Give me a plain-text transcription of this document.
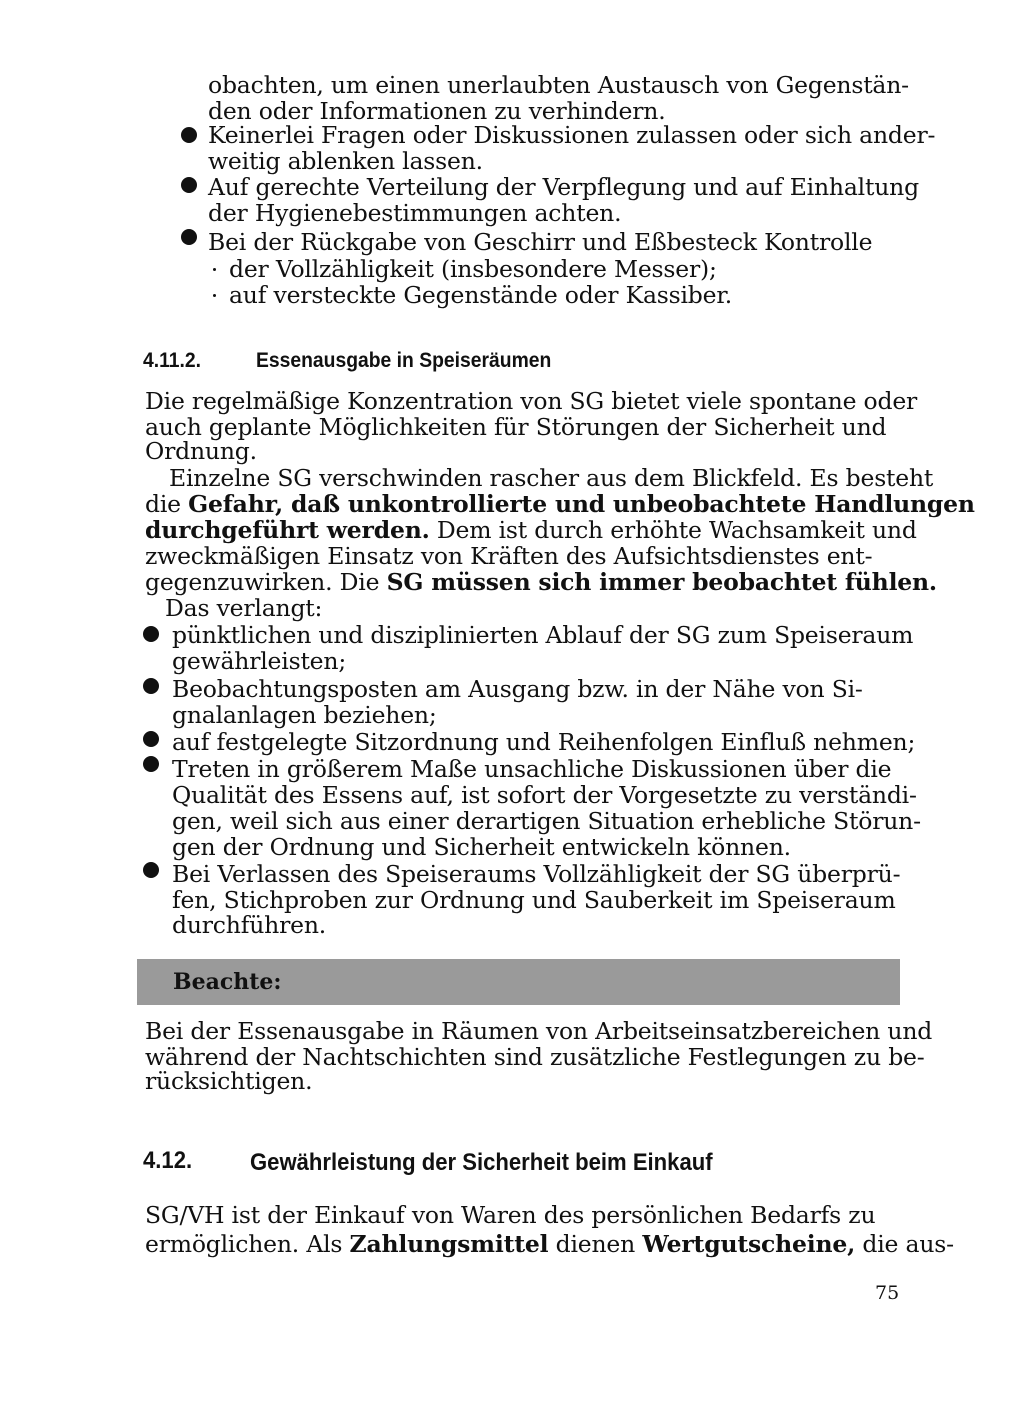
obachten, um einen unerlaubten Austausch von Gegenstän-
den oder Informationen zu verhindern.
Keinerlei Fragen oder Diskussionen zulassen oder sich ander-
weitig ablenken lassen.
Auf gerechte Verteilung der Verpflegung und auf Einhaltung
der Hygienebestimmungen achten.
Bei der Rückgabe von Geschirr und Eßbesteck Kontrolle
der Vollzähligkeit (insbesondere Messer);
auf versteckte Gegenstände oder Kassiber.
4.11.2.	Essenausgabe in Speiseräumen
Die regelmäßige Konzentration von SG bietet viele spontane oder
auch geplante Möglichkeiten für Störungen der Sicherheit und
Ordnung.
Einzelne SG verschwinden rascher aus dem Blickfeld. Es besteht
die Gefahr, daß unkontrollierte und unbeobachtete Handlungen
durchgeführt werden. Dem ist durch erhöhte Wachsamkeit und
zweckmäßigen Einsatz von Kräften des Aufsichtsdienstes ent-
gegenzuwirken. Die SG müssen sich immer beobachtet fühlen.
Das verlangt:
pünktlichen und disziplinierten Ablauf der SG zum Speiseraum
gewährleisten;
Beobachtungsposten am Ausgang bzw. in der Nähe von Si-
gnalanlagen beziehen;
auf festgelegte Sitzordnung und Reihenfolgen Einfluß nehmen;
Treten in größerem Maße unsachliche Diskussionen über die
Qualität des Essens auf, ist sofort der Vorgesetzte zu verständi-
gen, weil sich aus einer derartigen Situation erhebliche Störun-
gen der Ordnung und Sicherheit entwickeln können.
Bei Verlassen des Speiseraums Vollzähligkeit der SG überprü-
fen, Stichproben zur Ordnung und Sauberkeit im Speiseraum
durchführen.
Beachte:
Bei der Essenausgabe in Räumen von Arbeitseinsatzbereichen und
während der Nachtschichten sind zusätzliche Festlegungen zu be-
rücksichtigen.
4.12. Gewährleistung der Sicherheit beim Einkauf
SG/VH ist der Einkauf von Waren des persönlichen Bedarfs zu
ermöglichen. Als Zahlungsmittel dienen Wertgutscheine, die aus-
75
